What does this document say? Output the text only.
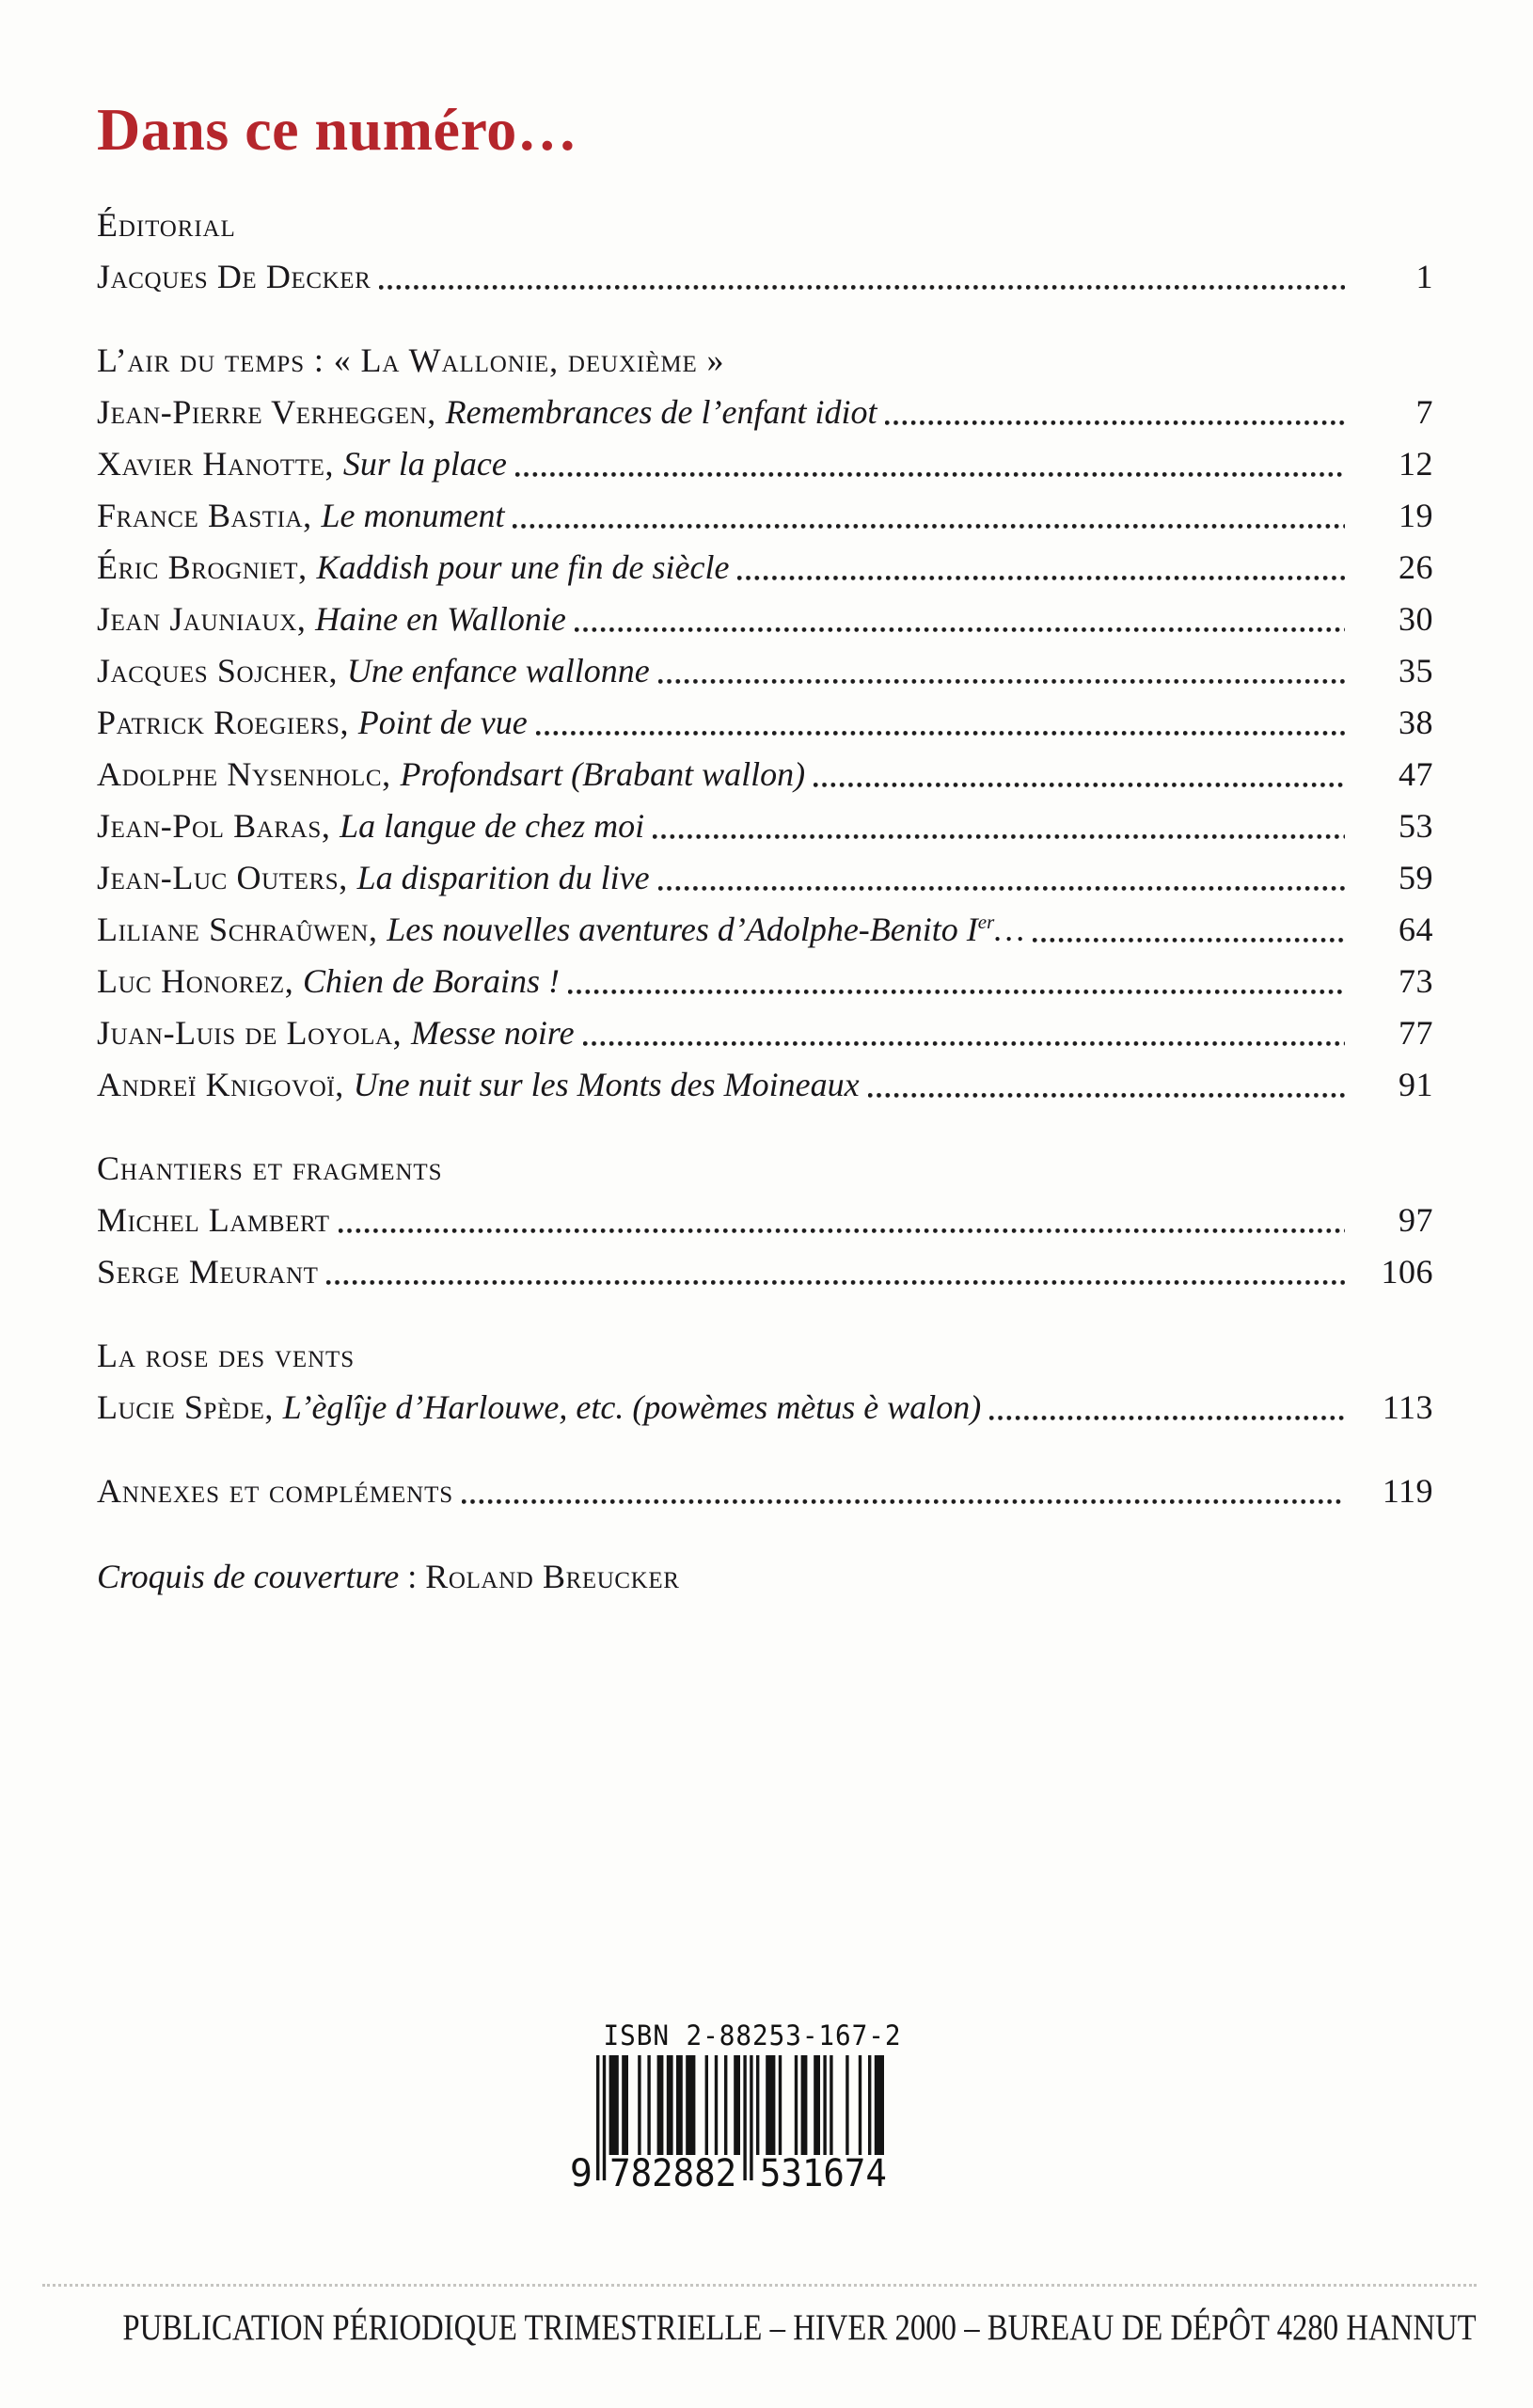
Dans ce numéro…
Éditorial
Jacques De Decker	1
L’air du temps : « La Wallonie, deuxième »
Jean-Pierre Verheggen, Remembrances de l’enfant idiot	7
Xavier Hanotte, Sur la place	12
France Bastia, Le monument	19
Éric Brogniet, Kaddish pour une fin de siècle	26
Jean Jauniaux, Haine en Wallonie	30
Jacques Sojcher, Une enfance wallonne	35
Patrick Roegiers, Point de vue	38
Adolphe Nysenholc, Profondsart (Brabant wallon)	47
Jean-Pol Baras, La langue de chez moi	53
Jean-Luc Outers, La disparition du live	59
Liliane Schraûwen, Les nouvelles aventures d’Adolphe-Benito Ier…	64
Luc Honorez, Chien de Borains !	73
Juan-Luis de Loyola, Messe noire	77
Andreï Knigovoï, Une nuit sur les Monts des Moineaux	91
Chantiers et fragments
Michel Lambert	97
Serge Meurant	106
La rose des vents
Lucie Spède, L’èglîje d’Harlouwe, etc. (powèmes mètus è walon)	113
Annexes et compléments	119
Croquis de couverture : Roland Breucker
ISBN 2-88253-167-2
9 782882 531674
PUBLICATION PÉRIODIQUE TRIMESTRIELLE – HIVER 2000 – BUREAU DE DÉPÔT 4280 HANNUT
